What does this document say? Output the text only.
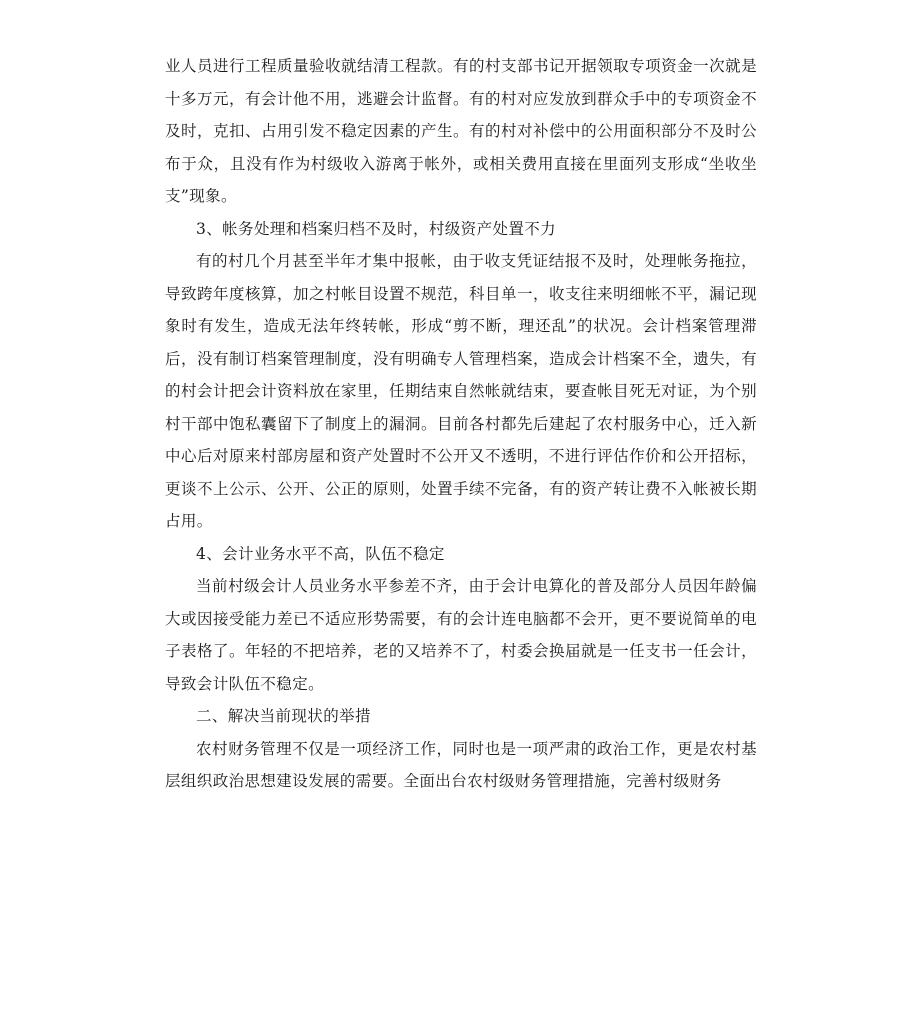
业人员进行工程质量验收就结清工程款。有的村支部书记开据领取专项资金一次就是十多万元，有会计他不用，逃避会计监督。有的村对应发放到群众手中的专项资金不及时，克扣、占用引发不稳定因素的产生。有的村对补偿中的公用面积部分不及时公布于众，且没有作为村级收入游离于帐外，或相关费用直接在里面列支形成“坐收坐支”现象。

3、帐务处理和档案归档不及时，村级资产处置不力

有的村几个月甚至半年才集中报帐，由于收支凭证结报不及时，处理帐务拖拉，导致跨年度核算，加之村帐目设置不规范，科目单一，收支往来明细帐不平，漏记现象时有发生，造成无法年终转帐，形成“剪不断，理还乱”的状况。会计档案管理滞后，没有制订档案管理制度，没有明确专人管理档案，造成会计档案不全，遗失，有的村会计把会计资料放在家里，任期结束自然帐就结束，要查帐目死无对证，为个别村干部中饱私囊留下了制度上的漏洞。目前各村都先后建起了农村服务中心，迁入新中心后对原来村部房屋和资产处置时不公开又不透明，不进行评估作价和公开招标，更谈不上公示、公开、公正的原则，处置手续不完备，有的资产转让费不入帐被长期占用。

4、会计业务水平不高，队伍不稳定

当前村级会计人员业务水平参差不齐，由于会计电算化的普及部分人员因年龄偏大或因接受能力差已不适应形势需要，有的会计连电脑都不会开，更不要说简单的电子表格了。年轻的不把培养，老的又培养不了，村委会换届就是一任支书一任会计，导致会计队伍不稳定。

二、解决当前现状的举措

农村财务管理不仅是一项经济工作，同时也是一项严肃的政治工作，更是农村基层组织政治思想建设发展的需要。全面出台农村级财务管理措施，完善村级财务
